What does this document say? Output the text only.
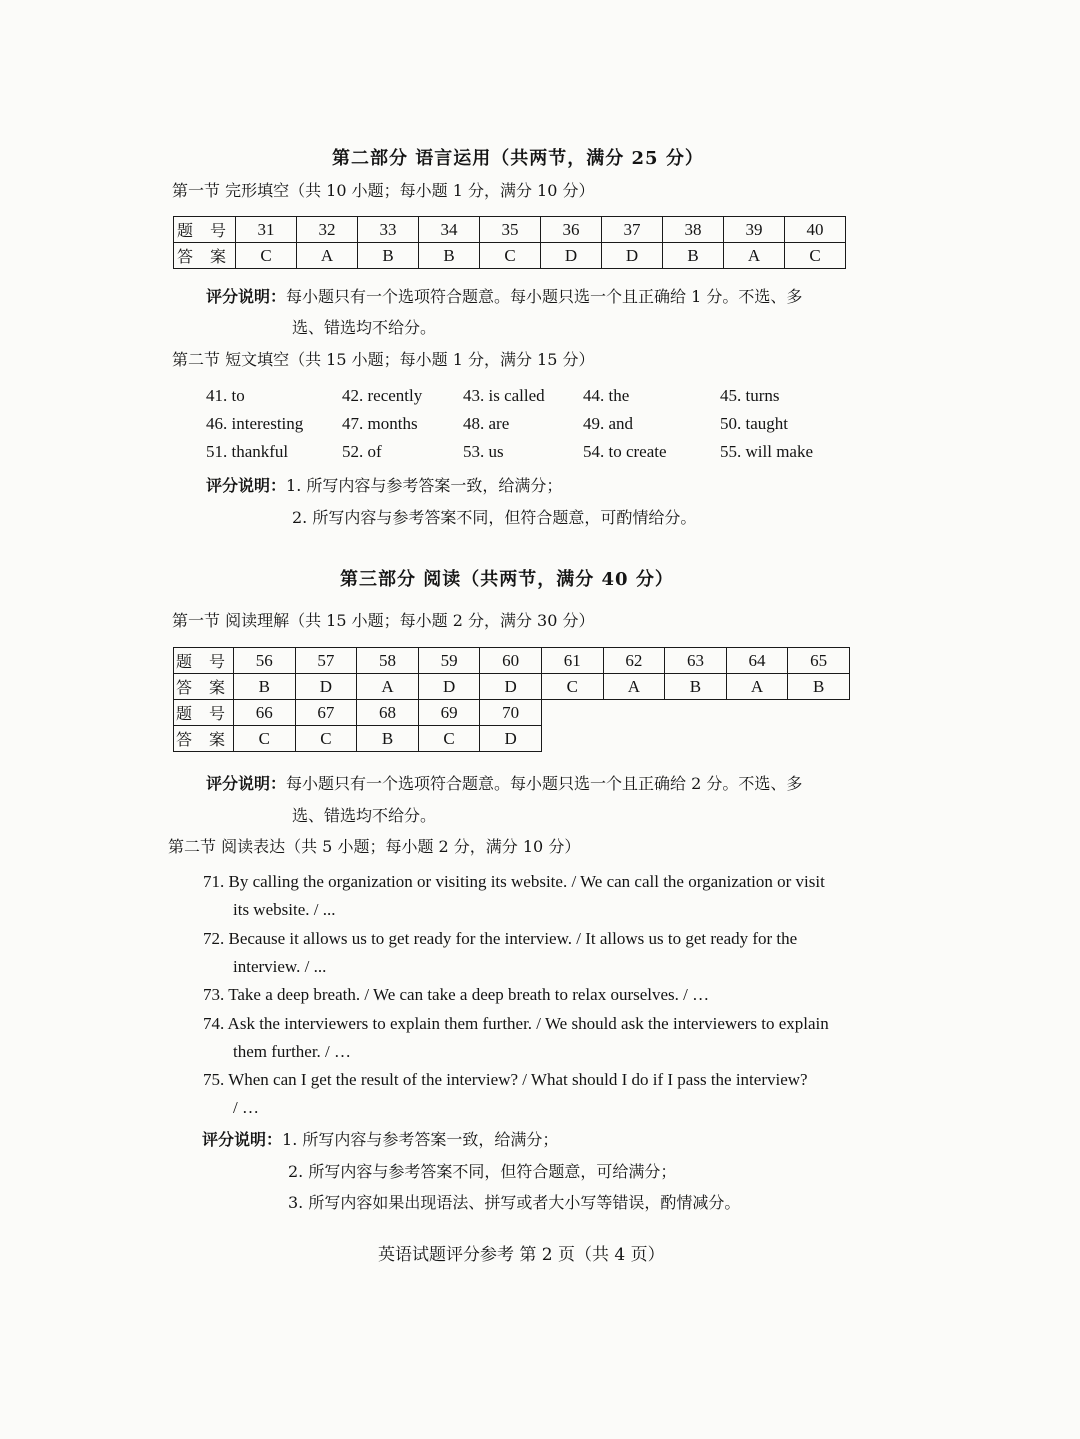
第二部分 语言运用（共两节，满分 25 分）
第一节 完形填空（共 10 小题；每小题 1 分，满分 10 分）
题 号	31	32	33	34	35	36	37	38	39	40
答 案	C	A	B	B	C	D	D	B	A	C
评分说明：每小题只有一个选项符合题意。每小题只选一个且正确给 1 分。不选、多
选、错选均不给分。
第二节 短文填空（共 15 小题；每小题 1 分，满分 15 分）
41. to	42. recently 43. is called 44. the	45. turns
46. interesting 47. months	48. are	49. and	50. taught
51. thankful	52. of	53. us	54. to create	55. will make
评分说明：1. 所写内容与参考答案一致，给满分；
2. 所写内容与参考答案不同，但符合题意，可酌情给分。
第三部分 阅读（共两节，满分 40 分）
第一节 阅读理解（共 15 小题；每小题 2 分，满分 30 分）
题 号	56	57	58	59	60	61	62	63	64	65
答 案	B	D	A	D	D	C	A	B	A	B
题 号	66	67	68	69	70					
答 案	C	C	B	C	D					
评分说明：每小题只有一个选项符合题意。每小题只选一个且正确给 2 分。不选、多
选、错选均不给分。
第二节 阅读表达（共 5 小题；每小题 2 分，满分 10 分）
71. By calling the organization or visiting its website. / We can call the organization or visit
its website. / ...
72. Because it allows us to get ready for the interview. / It allows us to get ready for the
interview. / ...
73. Take a deep breath. / We can take a deep breath to relax ourselves. / …
74. Ask the interviewers to explain them further. / We should ask the interviewers to explain
them further. / …
75. When can I get the result of the interview? / What should I do if I pass the interview?
/ …
评分说明：1. 所写内容与参考答案一致，给满分；
2. 所写内容与参考答案不同，但符合题意，可给满分；
3. 所写内容如果出现语法、拼写或者大小写等错误，酌情减分。
英语试题评分参考 第 2 页（共 4 页）
